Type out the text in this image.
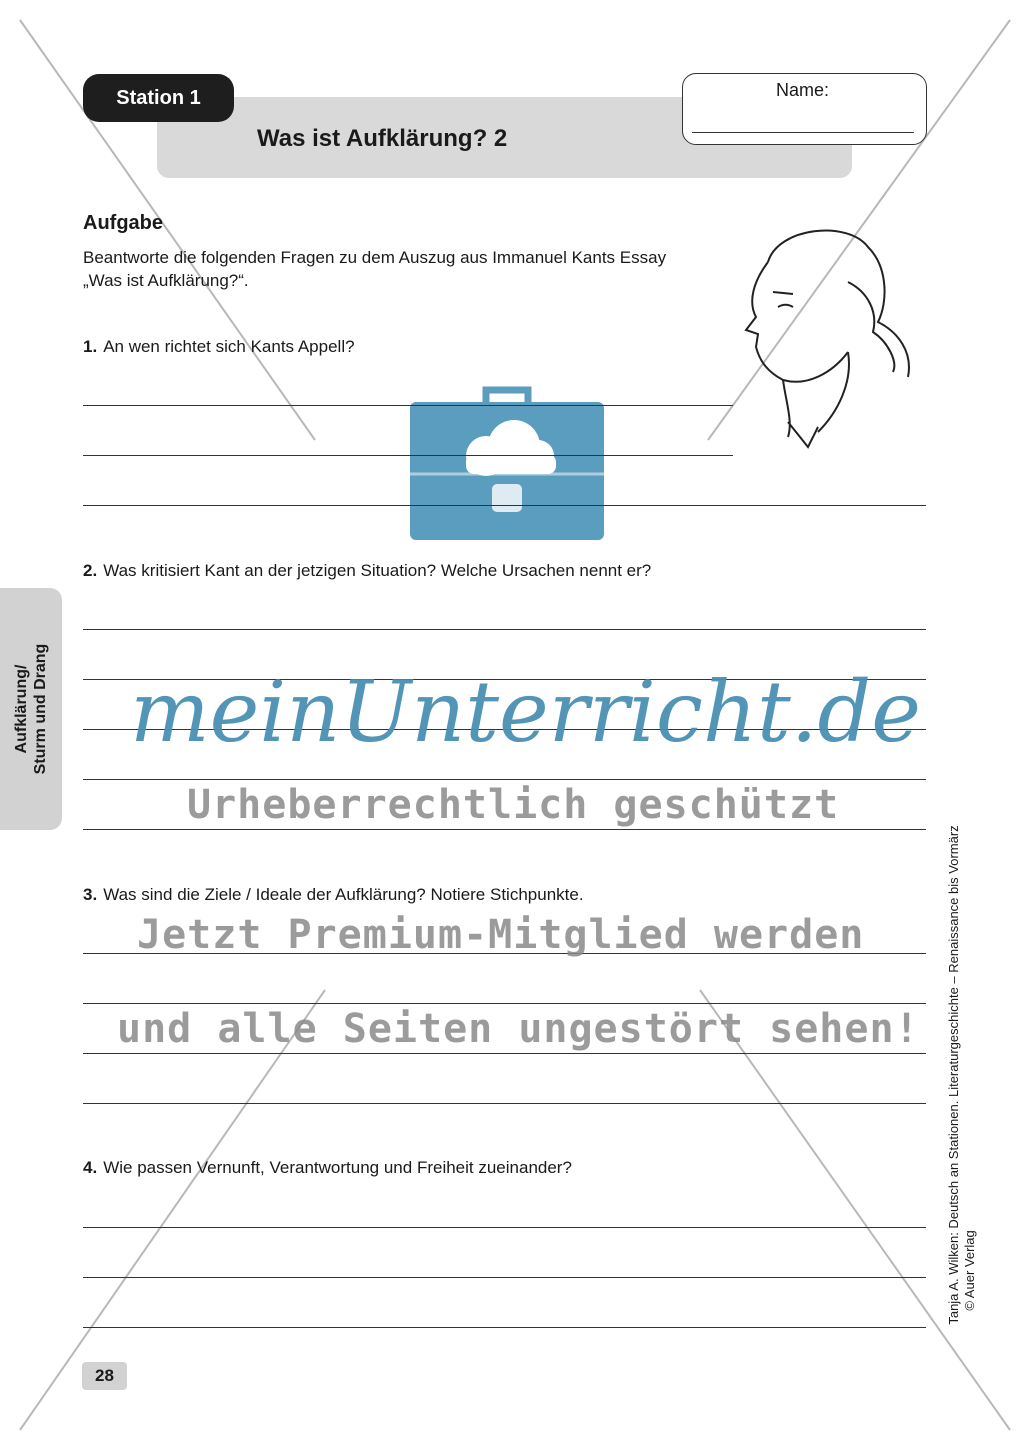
Station 1
Was ist Aufklärung? 2
Name:
Aufgabe
Beantworte die folgenden Fragen zu dem Auszug aus Immanuel Kants Essay „Was ist Aufklärung?“.
1. An wen richtet sich Kants Appell?
2. Was kritisiert Kant an der jetzigen Situation? Welche Ursachen nennt er?
3. Was sind die Ziele / Ideale der Aufklärung? Notiere Stichpunkte.
4. Wie passen Vernunft, Verantwortung und Freiheit zueinander?
Aufklärung/ Sturm und Drang
Tanja A. Wilken: Deutsch an Stationen. Literaturgeschichte – Renaissance bis Vormärz © Auer Verlag
28
meinUnterricht.de
Urheberrechtlich geschützt
Jetzt Premium-Mitglied werden
und alle Seiten ungestört sehen!
